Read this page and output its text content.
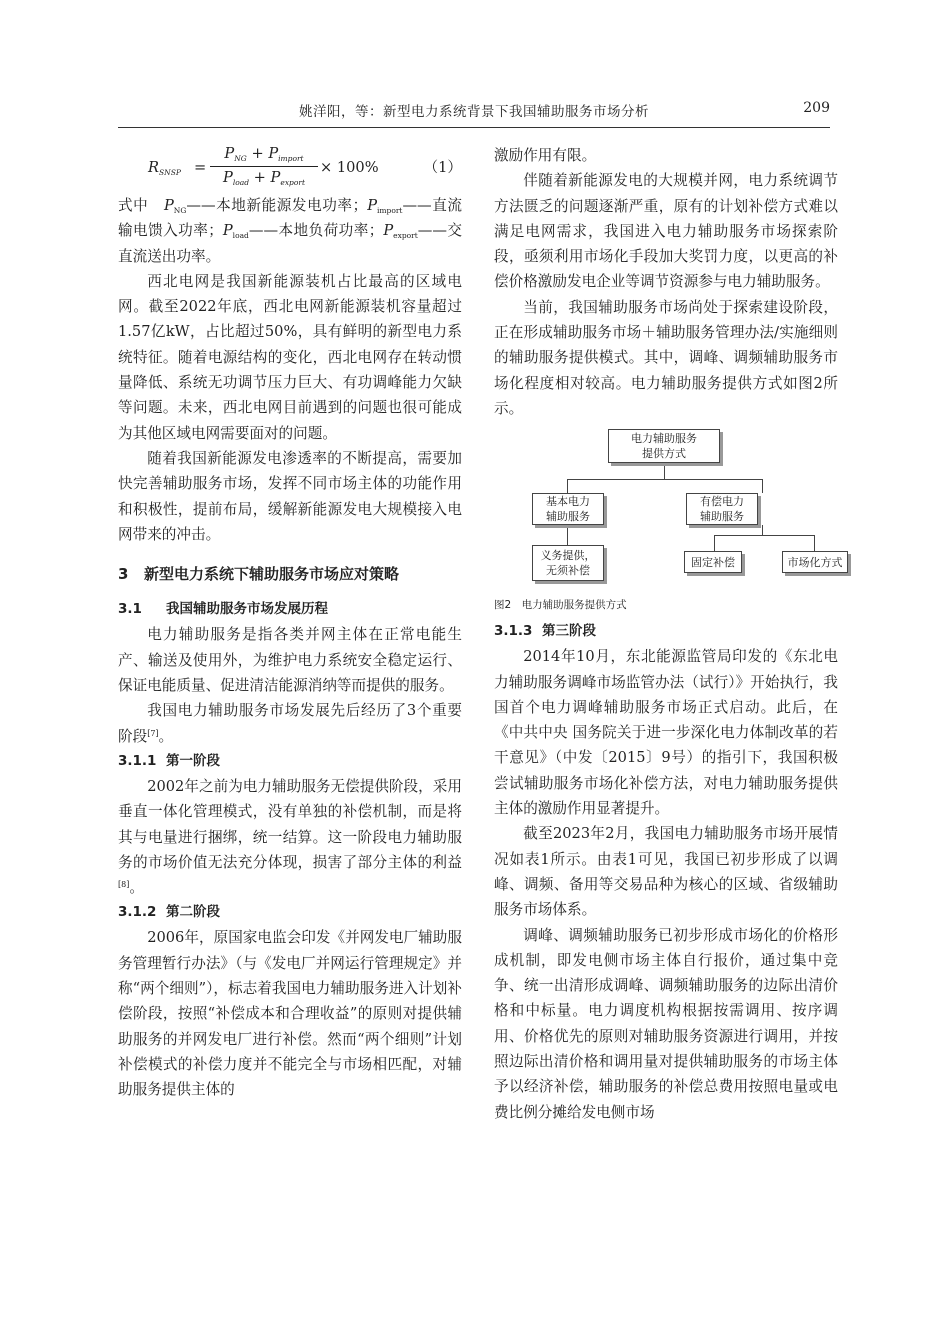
姚洋阳，等：新型电力系统背景下我国辅助服务市场分析	209
$R_{SNSP}$ =
$P_{NG} + P_{import}$
$P_{load} + P_{export}$
× 100%	（1）

式中 $P_{NG}——$本地新能源发电功率；$P_{import}——$直流输电馈入功率；$P_{load}——$本地负荷功率；$P_{export}——$交直流送出功率。

西北电网是我国新能源装机占比最高的区域电网。截至2022年底，西北电网新能源装机容量超过1.57亿kW，占比超过50%，具有鲜明的新型电力系统特征。随着电源结构的变化，西北电网存在转动惯量降低、系统无功调节压力巨大、有功调峰能力欠缺等问题。未来，西北电网目前遇到的问题也很可能成为其他区域电网需要面对的问题。

随着我国新能源发电渗透率的不断提高，需要加快完善辅助服务市场，发挥不同市场主体的功能作用和积极性，提前布局，缓解新能源发电大规模接入电网带来的冲击。

3 新型电力系统下辅助服务市场应对策略

3.1 我国辅助服务市场发展历程

电力辅助服务是指各类并网主体在正常电能生产、输送及使用外，为维护电力系统安全稳定运行、保证电能质量、促进清洁能源消纳等而提供的服务。

我国电力辅助服务市场发展先后经历了3个重要阶段[7]。

3.1.1 第一阶段

2002年之前为电力辅助服务无偿提供阶段，采用垂直一体化管理模式，没有单独的补偿机制，而是将其与电量进行捆绑，统一结算。这一阶段电力辅助服务的市场价值无法充分体现，损害了部分主体的利益[8]。

3.1.2 第二阶段

2006年，原国家电监会印发《并网发电厂辅助服务管理暂行办法》（与《发电厂并网运行管理规定》并称“两个细则”），标志着我国电力辅助服务进入计划补偿阶段，按照“补偿成本和合理收益”的原则对提供辅助服务的并网发电厂进行补偿。然而“两个细则”计划补偿模式的补偿力度并不能完全与市场相匹配，对辅助服务提供主体的

激励作用有限。

伴随着新能源发电的大规模并网，电力系统调节方法匮乏的问题逐渐严重，原有的计划补偿方式难以满足电网需求，我国进入电力辅助服务市场探索阶段，亟须利用市场化手段加大奖罚力度，以更高的补偿价格激励发电企业等调节资源参与电力辅助服务。

当前，我国辅助服务市场尚处于探索建设阶段，正在形成辅助服务市场＋辅助服务管理办法/实施细则的辅助服务提供模式。其中，调峰、调频辅助服务市场化程度相对较高。电力辅助服务提供方式如图2所示。

电力辅助服务
提供方式
基本电力
辅助服务
有偿电力
辅助服务
义务提供，
无须补偿
固定补偿	市场化方式

图2　电力辅助服务提供方式

3.1.3 第三阶段

2014年10月，东北能源监管局印发的《东北电力辅助服务调峰市场监管办法（试行）》开始执行，我国首个电力调峰辅助服务市场正式启动。此后，在《中共中央 国务院关于进一步深化电力体制改革的若干意见》（中发〔2015〕9号）的指引下，我国积极尝试辅助服务市场化补偿方法，对电力辅助服务提供主体的激励作用显著提升。

截至2023年2月，我国电力辅助服务市场开展情况如表1所示。由表1可见，我国已初步形成了以调峰、调频、备用等交易品种为核心的区域、省级辅助服务市场体系。

调峰、调频辅助服务已初步形成市场化的价格形成机制，即发电侧市场主体自行报价，通过集中竞争、统一出清形成调峰、调频辅助服务的边际出清价格和中标量。电力调度机构根据按需调用、按序调用、价格优先的原则对辅助服务资源进行调用，并按照边际出清价格和调用量对提供辅助服务的市场主体予以经济补偿，辅助服务的补偿总费用按照电量或电费比例分摊给发电侧市场
